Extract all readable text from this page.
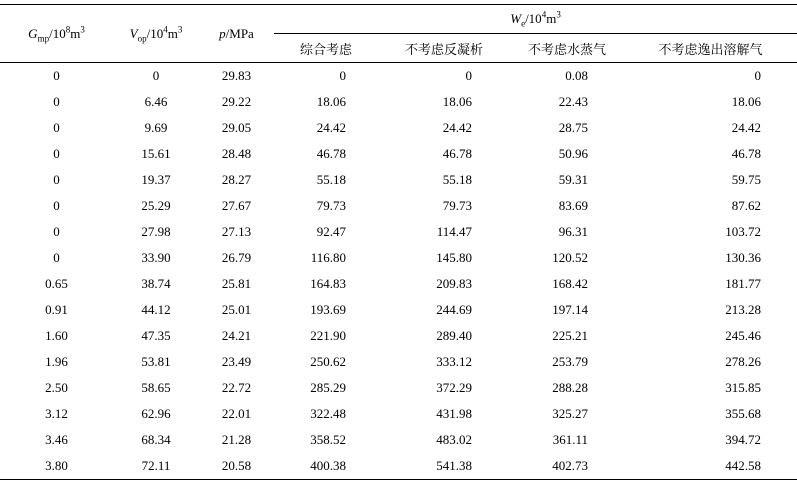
$G_{mp}/10^8m^3$	$V_{op}/10^4m^3$	p/MPa	$W_e/10^4m^3$
			综合考虑	不考虑反凝析	不考虑水蒸气	不考虑逸出溶解气
0	0	29.83	0	0	0.08	0
0	6.46	29.22	18.06	18.06	22.43	18.06
0	9.69	29.05	24.42	24.42	28.75	24.42
0	15.61	28.48	46.78	46.78	50.96	46.78
0	19.37	28.27	55.18	55.18	59.31	59.75
0	25.29	27.67	79.73	79.73	83.69	87.62
0	27.98	27.13	92.47	114.47	96.31	103.72
0	33.90	26.79	116.80	145.80	120.52	130.36
0.65	38.74	25.81	164.83	209.83	168.42	181.77
0.91	44.12	25.01	193.69	244.69	197.14	213.28
1.60	47.35	24.21	221.90	289.40	225.21	245.46
1.96	53.81	23.49	250.62	333.12	253.79	278.26
2.50	58.65	22.72	285.29	372.29	288.28	315.85
3.12	62.96	22.01	322.48	431.98	325.27	355.68
3.46	68.34	21.28	358.52	483.02	361.11	394.72
3.80	72.11	20.58	400.38	541.38	402.73	442.58
